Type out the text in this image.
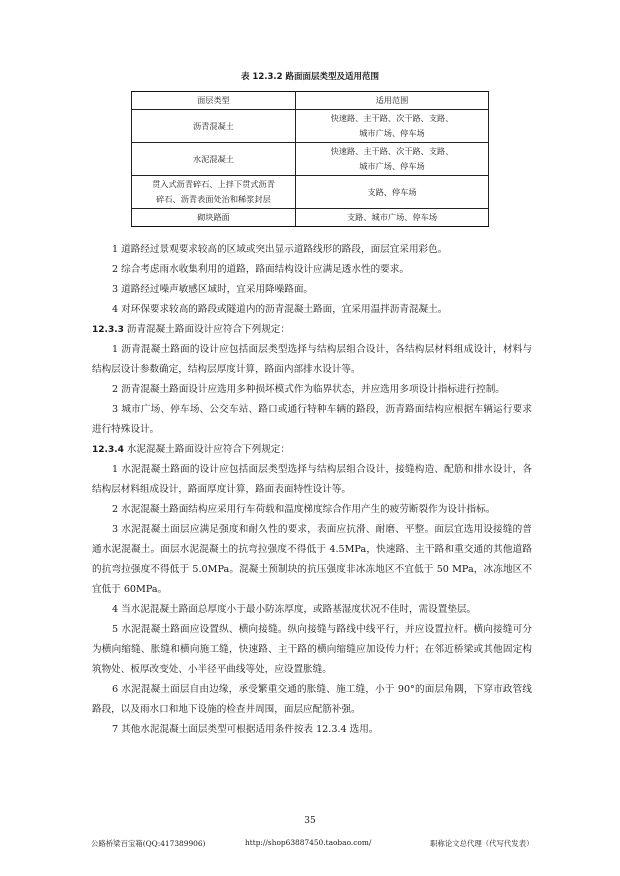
表 12.3.2 路面面层类型及适用范围
面层类型	适用范围
沥青混凝土	快速路、主干路、次干路、支路、
城市广场、停车场

水泥混凝土	快速路、主干路、次干路、支路、
城市广场、停车场

贯入式沥青碎石、上拌下贯式沥青
碎石、沥青表面处治和稀浆封层	支路、停车场
砌块路面	支路、城市广场、停车场

1 道路经过景观要求较高的区域或突出显示道路线形的路段，面层宜采用彩色。

2 综合考虑雨水收集利用的道路，路面结构设计应满足透水性的要求。

3 道路经过噪声敏感区域时，宜采用降噪路面。

4 对环保要求较高的路段或隧道内的沥青混凝土路面，宜采用温拌沥青混凝土。

12.3.3 沥青混凝土路面设计应符合下列规定：

1 沥青混凝土路面的设计应包括面层类型选择与结构层组合设计，各结构层材料组成设计，材料与结构层设计参数确定，结构层厚度计算，路面内部排水设计等。

2 沥青混凝土路面设计应选用多种损坏模式作为临界状态，并应选用多项设计指标进行控制。

3 城市广场、停车场、公交车站、路口或通行特种车辆的路段，沥青路面结构应根据车辆运行要求进行特殊设计。

12.3.4 水泥混凝土路面设计应符合下列规定：

1 水泥混凝土路面的设计应包括面层类型选择与结构层组合设计，接缝构造、配筋和排水设计，各结构层材料组成设计，路面厚度计算，路面表面特性设计等。

2 水泥混凝土路面结构应采用行车荷载和温度梯度综合作用产生的疲劳断裂作为设计指标。

3 水泥混凝土面层应满足强度和耐久性的要求，表面应抗滑、耐磨、平整。面层宜选用设接缝的普通水泥混凝土。面层水泥混凝土的抗弯拉强度不得低于 4.5MPa，快速路、主干路和重交通的其他道路的抗弯拉强度不得低于 5.0MPa。混凝土预制块的抗压强度非冰冻地区不宜低于 50 MPa，冰冻地区不宜低于 60MPa。

4 当水泥混凝土路面总厚度小于最小防冻厚度，或路基湿度状况不佳时，需设置垫层。

5 水泥混凝土路面应设置纵、横向接缝。纵向接缝与路线中线平行，并应设置拉杆。横向接缝可分为横向缩缝、胀缝和横向施工缝，快速路、主干路的横向缩缝应加设传力杆；在邻近桥梁或其他固定构筑物处、板厚改变处、小半径平曲线等处，应设置胀缝。

6 水泥混凝土面层自由边缘，承受繁重交通的胀缝、施工缝，小于 90°的面层角隅，下穿市政管线路段，以及雨水口和地下设施的检查井周围，面层应配筋补强。

7 其他水泥混凝土面层类型可根据适用条件按表 12.3.4 选用。

35
公路桥梁百宝箱(QQ:417389906)	http://shop63887450.taobao.com/	职称论文总代理（代写代发表）
